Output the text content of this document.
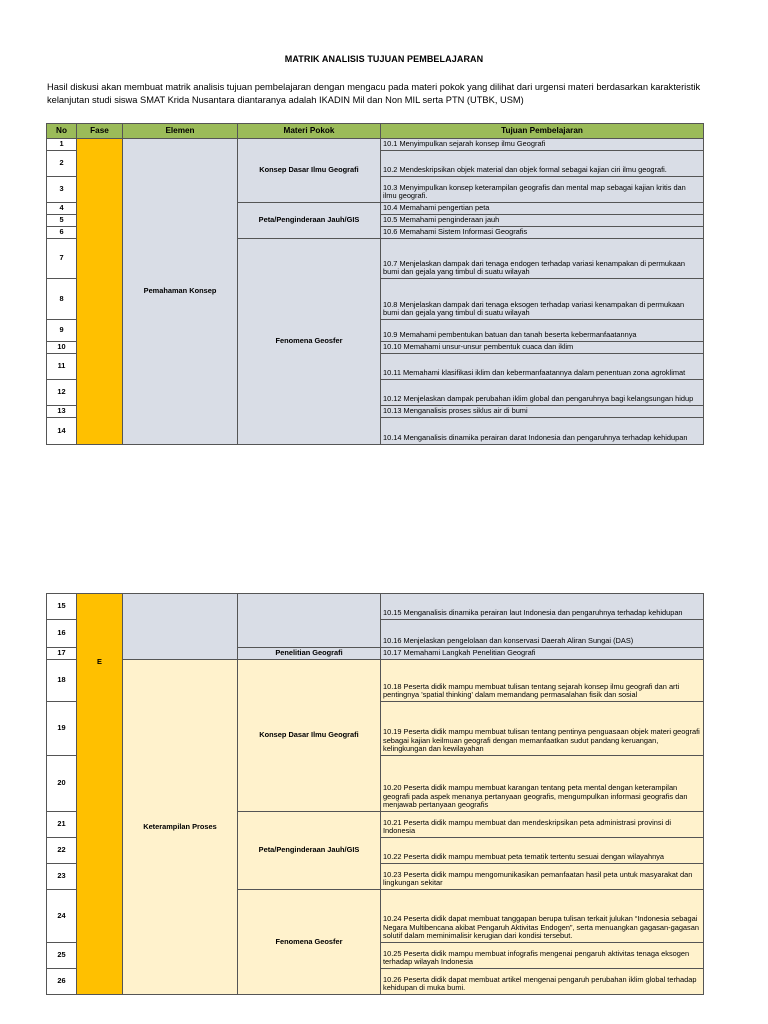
MATRIK ANALISIS TUJUAN PEMBELAJARAN
Hasil diskusi akan membuat matrik analisis tujuan pembelajaran dengan mengacu pada materi pokok yang dilihat dari urgensi materi berdasarkan karakteristik kelanjutan studi siswa SMAT Krida Nusantara diantaranya adalah IKADIN Mil dan Non MIL serta PTN (UTBK, USM)
No	Fase	Elemen	Materi Pokok	Tujuan Pembelajaran
1		Pemahaman Konsep	Konsep Dasar Ilmu Geografi	10.1 Menyimpulkan sejarah konsep ilmu Geografi
2				10.2 Mendeskripsikan objek material dan objek formal sebagai kajian ciri ilmu geografi.
3				10.3 Menyimpulkan konsep keterampilan geografis dan mental map sebagai kajian kritis dan ilmu geografi.
4			Peta/Penginderaan Jauh/GIS	10.4 Memahami pengertian peta
5				10.5 Memahami penginderaan jauh
6				10.6 Memahami Sistem Informasi Geografis
7			Fenomena Geosfer	10.7 Menjelaskan dampak dari tenaga endogen terhadap variasi kenampakan di permukaan bumi dan gejala yang timbul di suatu wilayah
8				10.8 Menjelaskan dampak dari tenaga eksogen terhadap variasi kenampakan di permukaan bumi dan gejala yang timbul di suatu wilayah
9				10.9 Memahami pembentukan batuan dan tanah beserta kebermanfaatannya
10				10.10 Memahami unsur-unsur pembentuk cuaca dan iklim
11				10.11 Memahami klasifikasi iklim dan kebermanfaatannya dalam penentuan zona agroklimat
12				10.12 Menjelaskan dampak perubahan iklim global dan pengaruhnya bagi kelangsungan hidup
13				10.13 Menganalisis proses siklus air di bumi
14				10.14 Menganalisis dinamika perairan darat Indonesia dan pengaruhnya terhadap kehidupan
15	E			10.15 Menganalisis dinamika perairan laut Indonesia dan pengaruhnya terhadap kehidupan
16				10.16 Menjelaskan pengelolaan dan konservasi Daerah Aliran Sungai (DAS)
17			Penelitian Geografi	10.17 Memahami Langkah Penelitian Geografi
18		Keterampilan Proses	Konsep Dasar Ilmu Geografi	10.18 Peserta didik mampu membuat tulisan tentang sejarah konsep ilmu geografi dan arti pentingnya 'spatial thinking' dalam memandang permasalahan fisik dan sosial
19				10.19 Peserta didik mampu membuat tulisan tentang pentinya penguasaan objek materi geografi sebagai kajian keilmuan geografi dengan memanfaatkan sudut pandang keruangan, kelingkungan dan kewilayahan
20				10.20 Peserta didik mampu membuat karangan tentang peta mental dengan keterampilan geografi pada aspek menanya pertanyaan geografis, mengumpulkan informasi geografis dan menjawab pertanyaan geografis
21			Peta/Penginderaan Jauh/GIS	10.21 Peserta didik mampu membuat dan mendeskripsikan peta administrasi provinsi di Indonesia
22				10.22 Peserta didik mampu membuat peta tematik tertentu sesuai dengan wilayahnya
23				10.23 Peserta didik mampu mengomunikasikan pemanfaatan hasil peta untuk masyarakat dan lingkungan sekitar
24			Fenomena Geosfer	10.24 Peserta didik dapat membuat tanggapan berupa tulisan terkait julukan “Indonesia sebagai Negara Multibencana akibat Pengaruh Aktivitas Endogen”, serta menuangkan gagasan-gagasan solutif dalam meminimalisir kerugian dari kondisi tersebut.
25				10.25 Peserta didik mampu membuat infografis mengenai pengaruh aktivitas tenaga eksogen terhadap wilayah Indonesia
26				10.26 Peserta didik dapat membuat artikel mengenai pengaruh perubahan iklim global terhadap kehidupan di muka bumi.
